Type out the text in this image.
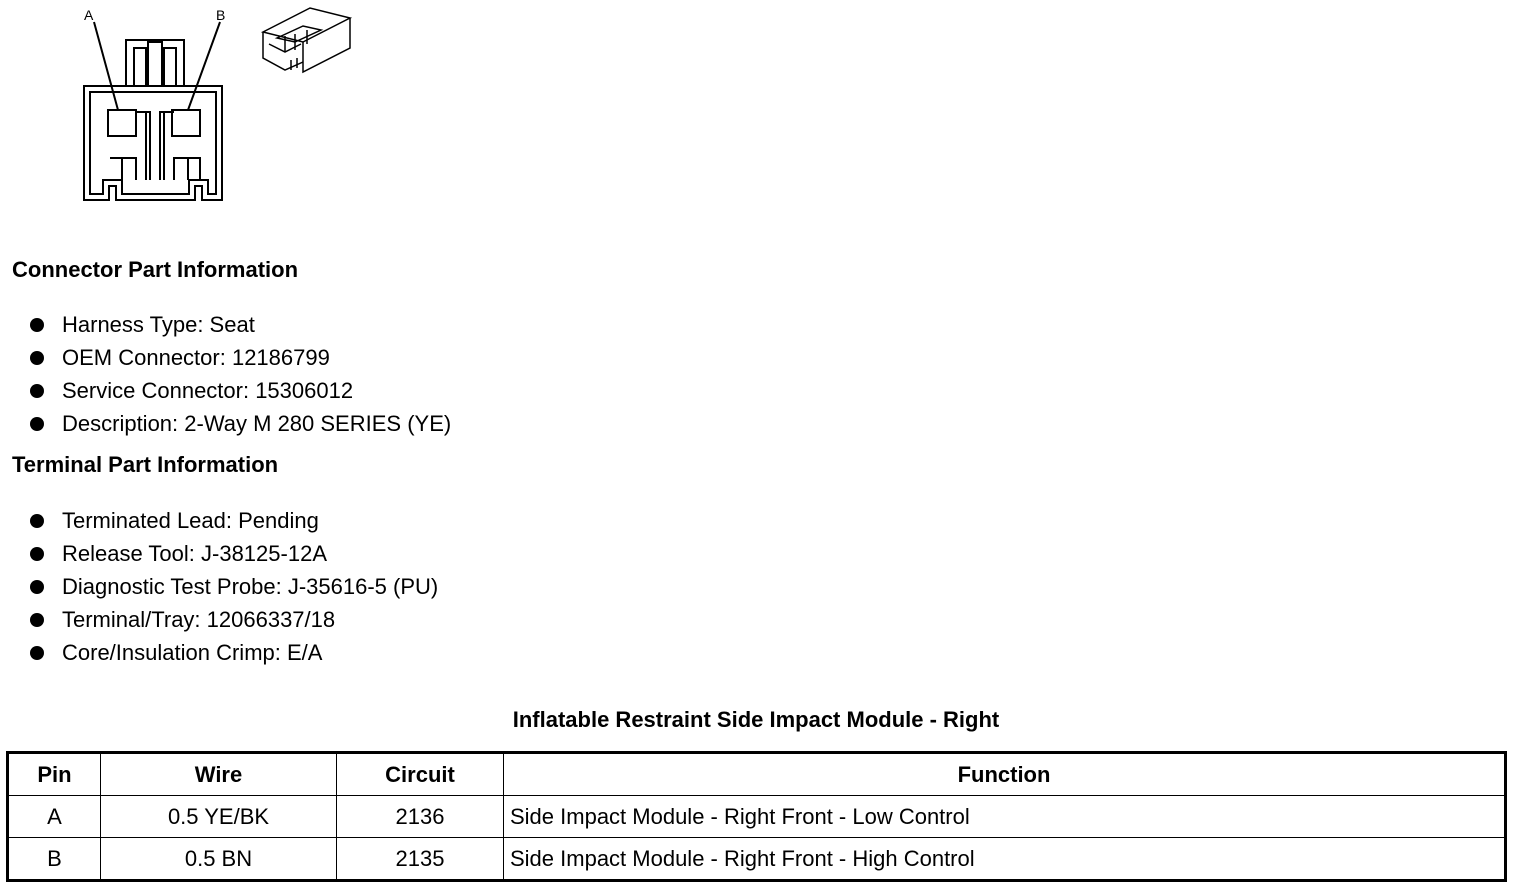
A	B
Connector Part Information
Harness Type: Seat
OEM Connector: 12186799
Service Connector: 15306012
Description: 2-Way M 280 SERIES (YE)
Terminal Part Information
Terminated Lead: Pending
Release Tool: J-38125-12A
Diagnostic Test Probe: J-35616-5 (PU)
Terminal/Tray: 12066337/18
Core/Insulation Crimp: E/A
Inflatable Restraint Side Impact Module - Right
Pin	Wire	Circuit	Function
A	0.5 YE/BK	2136	Side Impact Module - Right Front - Low Control
B	0.5 BN	2135	Side Impact Module - Right Front - High Control
